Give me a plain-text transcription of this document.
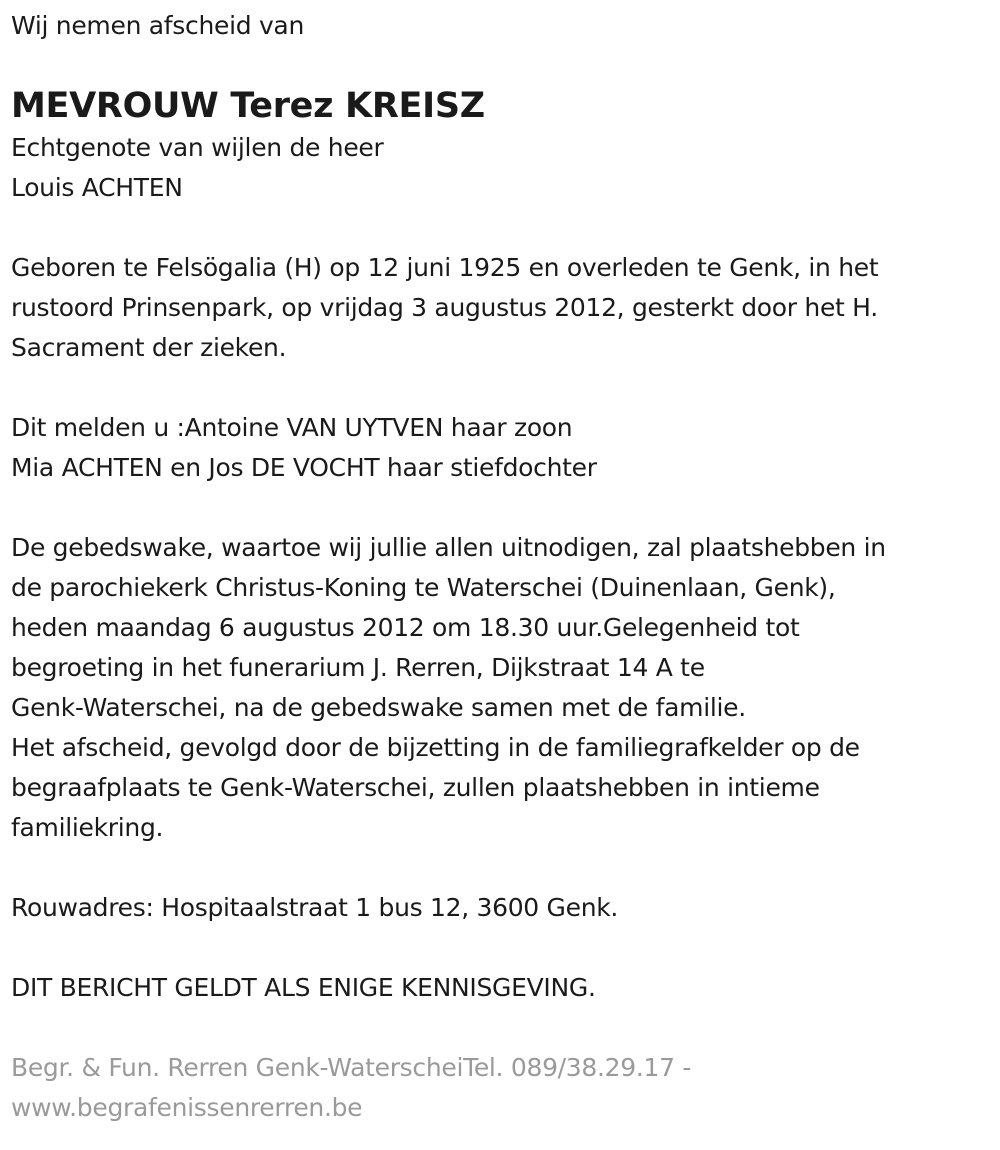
Wij nemen afscheid van
MEVROUW Terez KREISZ
Echtgenote van wijlen de heer
Louis ACHTEN
Geboren te Felsögalia (H) op 12 juni 1925 en overleden te Genk, in het
rustoord Prinsenpark, op vrijdag 3 augustus 2012, gesterkt door het H.
Sacrament der zieken.
Dit melden u :Antoine VAN UYTVEN haar zoon
Mia ACHTEN en Jos DE VOCHT haar stiefdochter
De gebedswake, waartoe wij jullie allen uitnodigen, zal plaatshebben in
de parochiekerk Christus-Koning te Waterschei (Duinenlaan, Genk),
heden maandag 6 augustus 2012 om 18.30 uur.Gelegenheid tot
begroeting in het funerarium J. Rerren, Dijkstraat 14 A te
Genk-Waterschei, na de gebedswake samen met de familie.
Het afscheid, gevolgd door de bijzetting in de familiegrafkelder op de
begraafplaats te Genk-Waterschei, zullen plaatshebben in intieme
familiekring.
Rouwadres: Hospitaalstraat 1 bus 12, 3600 Genk.
DIT BERICHT GELDT ALS ENIGE KENNISGEVING.
Begr. & Fun. Rerren Genk-WaterscheiTel. 089/38.29.17 -
www.begrafenissenrerren.be
